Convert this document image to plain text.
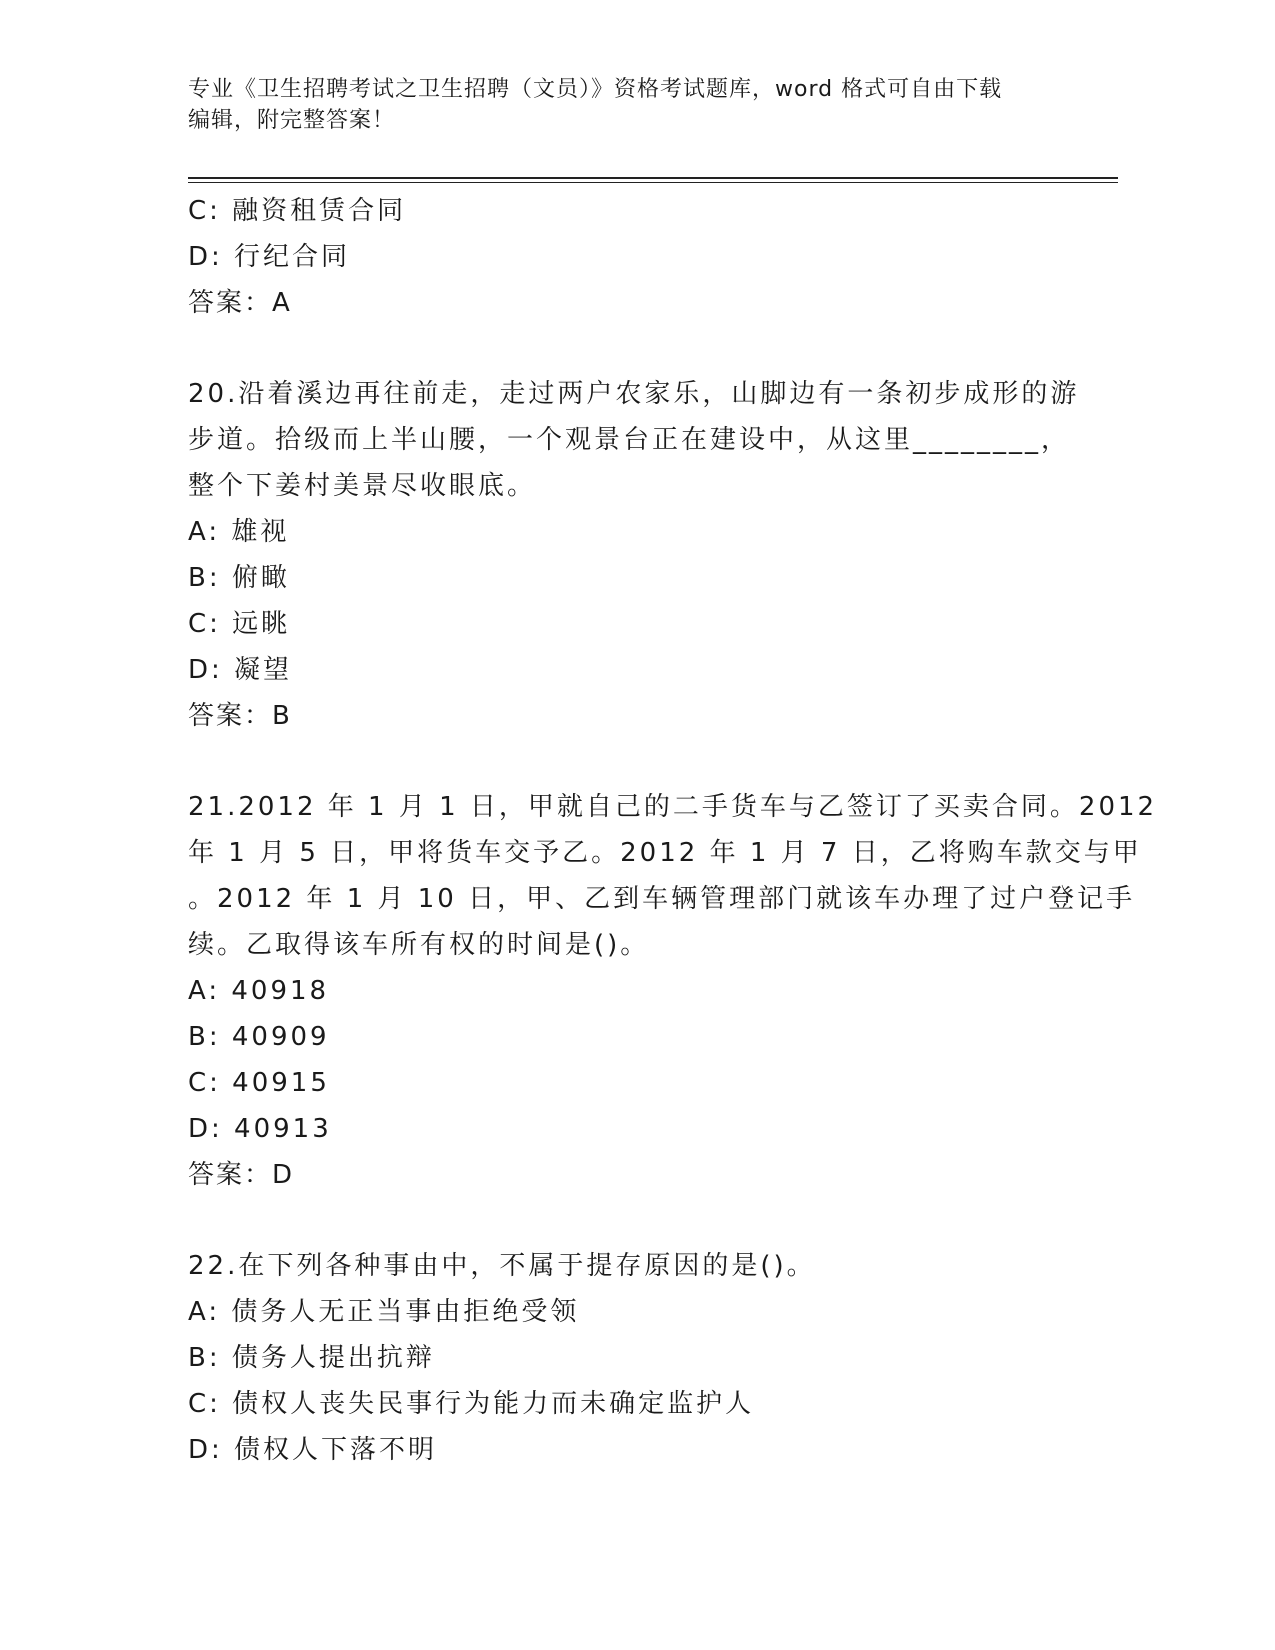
专业《卫生招聘考试之卫生招聘（文员）》资格考试题库，word 格式可自由下载
编辑，附完整答案！
C: 融资租赁合同
D: 行纪合同
答案：A
20.沿着溪边再往前走，走过两户农家乐，山脚边有一条初步成形的游
步道。拾级而上半山腰，一个观景台正在建设中，从这里________，
整个下姜村美景尽收眼底。
A: 雄视
B: 俯瞰
C: 远眺
D: 凝望
答案：B
21.2012 年 1 月 1 日，甲就自己的二手货车与乙签订了买卖合同。2012
年 1 月 5 日，甲将货车交予乙。2012 年 1 月 7 日，乙将购车款交与甲
。2012 年 1 月 10 日，甲、乙到车辆管理部门就该车办理了过户登记手
续。乙取得该车所有权的时间是()。
A: 40918
B: 40909
C: 40915
D: 40913
答案：D
22.在下列各种事由中，不属于提存原因的是()。
A: 债务人无正当事由拒绝受领
B: 债务人提出抗辩
C: 债权人丧失民事行为能力而未确定监护人
D: 债权人下落不明
